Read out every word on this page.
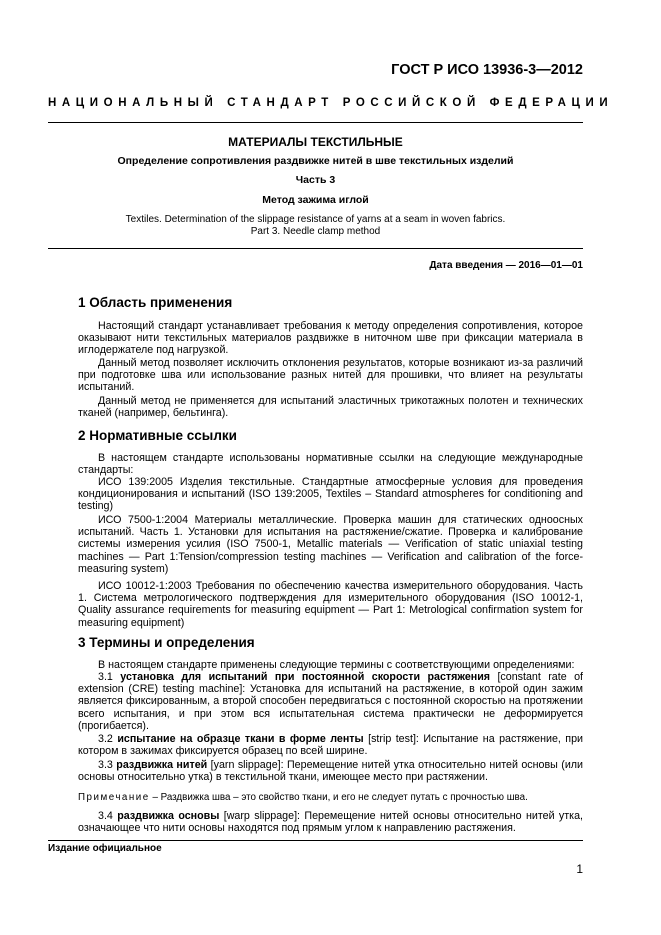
ГОСТ Р ИСО 13936-3—2012
НАЦИОНАЛЬНЫЙ СТАНДАРТ РОССИЙСКОЙ ФЕДЕРАЦИИ
МАТЕРИАЛЫ ТЕКСТИЛЬНЫЕ
Определение сопротивления раздвижке нитей в шве текстильных изделий
Часть 3
Метод зажима иглой
Textiles. Determination of the slippage resistance of yarns at a seam in woven fabrics.
Part 3. Needle clamp method
Дата введения — 2016—01—01
1 Область применения
Настоящий стандарт устанавливает требования к методу определения сопротивления, которое оказывают нити текстильных материалов раздвижке в ниточном шве при фиксации материала в иглодержателе под нагрузкой.
Данный метод позволяет исключить отклонения результатов, которые возникают из-за различий при подготовке шва или использование разных нитей для прошивки, что влияет на результаты испытаний.
Данный метод не применяется для испытаний эластичных трикотажных полотен и технических тканей (например, бельтинга).
2 Нормативные ссылки
В настоящем стандарте использованы нормативные ссылки на следующие международные стандарты:
ИСО 139:2005 Изделия текстильные. Стандартные атмосферные условия для проведения кондиционирования и испытаний (ISO 139:2005, Textiles – Standard atmospheres for conditioning and testing)
ИСО 7500-1:2004 Материалы металлические. Проверка машин для статических одноосных испытаний. Часть 1. Установки для испытания на растяжение/сжатие. Проверка и калибрование системы измерения усилия (ISO 7500-1, Metallic materials — Verification of static uniaxial testing machines — Part 1:Tension/compression testing machines — Verification and calibration of the force-measuring system)
ИСО 10012-1:2003 Требования по обеспечению качества измерительного оборудования. Часть 1. Система метрологического подтверждения для измерительного оборудования (ISO 10012-1, Quality assurance requirements for measuring equipment — Part 1: Metrological confirmation system for measuring equipment)
3 Термины и определения
В настоящем стандарте применены следующие термины с соответствующими определениями:
3.1 установка для испытаний при постоянной скорости растяжения [constant rate of extension (CRE) testing machine]: Установка для испытаний на растяжение, в которой один зажим является фиксированным, а второй способен передвигаться с постоянной скоростью на протяжении всего испытания, и при этом вся испытательная система практически не деформируется (прогибается).
3.2 испытание на образце ткани в форме ленты [strip test]: Испытание на растяжение, при котором в зажимах фиксируется образец по всей ширине.
3.3 раздвижка нитей [yarn slippage]: Перемещение нитей утка относительно нитей основы (или основы относительно утка) в текстильной ткани, имеющее место при растяжении.
Примечание – Раздвижка шва – это свойство ткани, и его не следует путать с прочностью шва.
3.4 раздвижка основы [warp slippage]: Перемещение нитей основы относительно нитей утка, означающее что нити основы находятся под прямым углом к направлению растяжения.
Издание официальное
1
